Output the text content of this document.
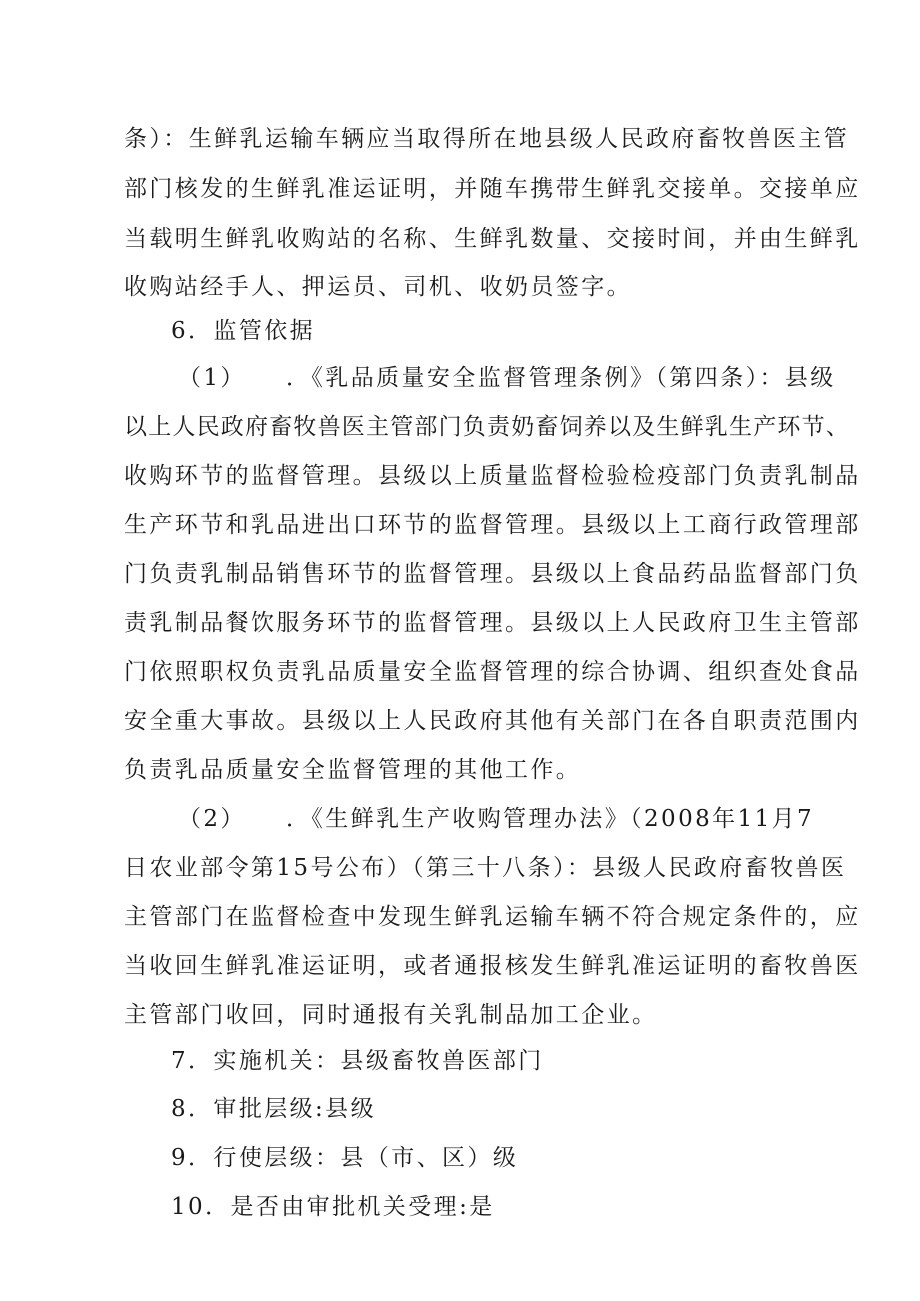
条）：生鲜乳运输车辆应当取得所在地县级人民政府畜牧兽医主管
部门核发的生鲜乳准运证明，并随车携带生鲜乳交接单。交接单应
当载明生鲜乳收购站的名称、生鲜乳数量、交接时间，并由生鲜乳
收购站经手人、押运员、司机、收奶员签字。
6．监管依据
（1） ．《乳品质量安全监督管理条例》（第四条）：县级
以上人民政府畜牧兽医主管部门负责奶畜饲养以及生鲜乳生产环节、
收购环节的监督管理。县级以上质量监督检验检疫部门负责乳制品
生产环节和乳品进出口环节的监督管理。县级以上工商行政管理部
门负责乳制品销售环节的监督管理。县级以上食品药品监督部门负
责乳制品餐饮服务环节的监督管理。县级以上人民政府卫生主管部
门依照职权负责乳品质量安全监督管理的综合协调、组织查处食品
安全重大事故。县级以上人民政府其他有关部门在各自职责范围内
负责乳品质量安全监督管理的其他工作。
（2） ．《生鲜乳生产收购管理办法》（2008年11月7
日农业部令第15号公布）（第三十八条）：县级人民政府畜牧兽医
主管部门在监督检查中发现生鲜乳运输车辆不符合规定条件的，应
当收回生鲜乳准运证明，或者通报核发生鲜乳准运证明的畜牧兽医
主管部门收回，同时通报有关乳制品加工企业。
7．实施机关：县级畜牧兽医部门
8．审批层级:县级
9．行使层级：县（市、区）级
10．是否由审批机关受理:是
